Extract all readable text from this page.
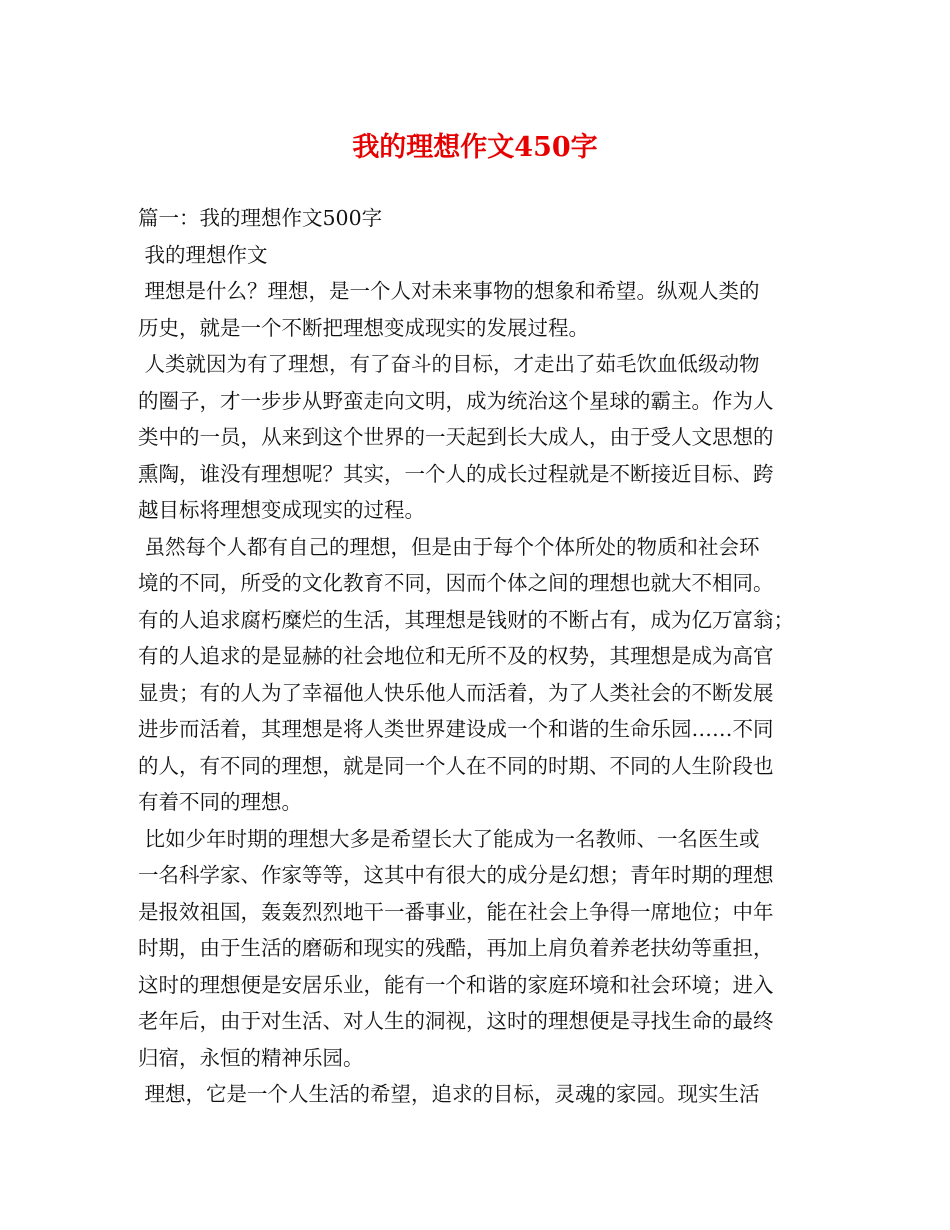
我的理想作文450字

篇一：我的理想作文500字

我的理想作文

理想是什么？理想，是一个人对未来事物的想象和希望。纵观人类的

历史，就是一个不断把理想变成现实的发展过程。

人类就因为有了理想，有了奋斗的目标，才走出了茹毛饮血低级动物

的圈子，才一步步从野蛮走向文明，成为统治这个星球的霸主。作为人

类中的一员，从来到这个世界的一天起到长大成人，由于受人文思想的

熏陶，谁没有理想呢？其实，一个人的成长过程就是不断接近目标、跨

越目标将理想变成现实的过程。

虽然每个人都有自己的理想，但是由于每个个体所处的物质和社会环

境的不同，所受的文化教育不同，因而个体之间的理想也就大不相同。

有的人追求腐朽糜烂的生活，其理想是钱财的不断占有，成为亿万富翁；

有的人追求的是显赫的社会地位和无所不及的权势，其理想是成为高官

显贵；有的人为了幸福他人快乐他人而活着，为了人类社会的不断发展

进步而活着，其理想是将人类世界建设成一个和谐的生命乐园……不同

的人，有不同的理想，就是同一个人在不同的时期、不同的人生阶段也

有着不同的理想。

比如少年时期的理想大多是希望长大了能成为一名教师、一名医生或

一名科学家、作家等等，这其中有很大的成分是幻想；青年时期的理想

是报效祖国，轰轰烈烈地干一番事业，能在社会上争得一席地位；中年

时期，由于生活的磨砺和现实的残酷，再加上肩负着养老扶幼等重担，

这时的理想便是安居乐业，能有一个和谐的家庭环境和社会环境；进入

老年后，由于对生活、对人生的洞视，这时的理想便是寻找生命的最终

归宿，永恒的精神乐园。

理想，它是一个人生活的希望，追求的目标，灵魂的家园。现实生活
